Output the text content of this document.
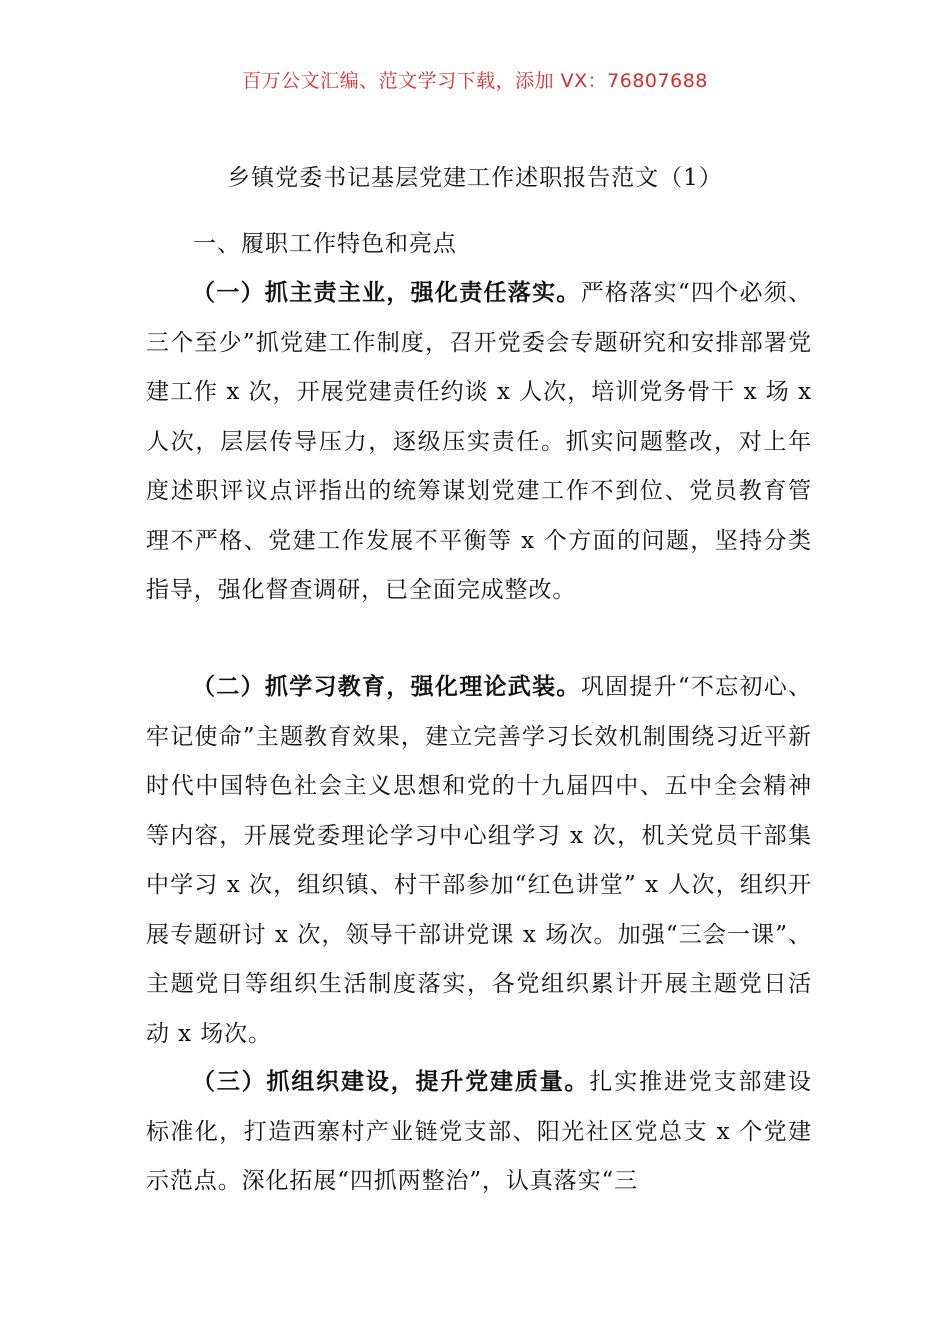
百万公文汇编、范文学习下载，添加 VX：76807688
乡镇党委书记基层党建工作述职报告范文（1）
一、履职工作特色和亮点

（一）抓主责主业，强化责任落实。严格落实“四个必须、三个至少”抓党建工作制度，召开党委会专题研究和安排部署党建工作 x 次，开展党建责任约谈 x 人次，培训党务骨干 x 场 x 人次，层层传导压力，逐级压实责任。抓实问题整改，对上年度述职评议点评指出的统筹谋划党建工作不到位、党员教育管理不严格、党建工作发展不平衡等 x 个方面的问题，坚持分类指导，强化督查调研，已全面完成整改。

（二）抓学习教育，强化理论武装。巩固提升“不忘初心、牢记使命”主题教育效果，建立完善学习长效机制围绕习近平新时代中国特色社会主义思想和党的十九届四中、五中全会精神等内容，开展党委理论学习中心组学习 x 次，机关党员干部集中学习 x 次，组织镇、村干部参加“红色讲堂” x 人次，组织开展专题研讨 x 次，领导干部讲党课 x 场次。加强“三会一课”、主题党日等组织生活制度落实，各党组织累计开展主题党日活动 x 场次。

（三）抓组织建设，提升党建质量。扎实推进党支部建设标准化，打造西寨村产业链党支部、阳光社区党总支 x 个党建示范点。深化拓展“四抓两整治”，认真落实“三
